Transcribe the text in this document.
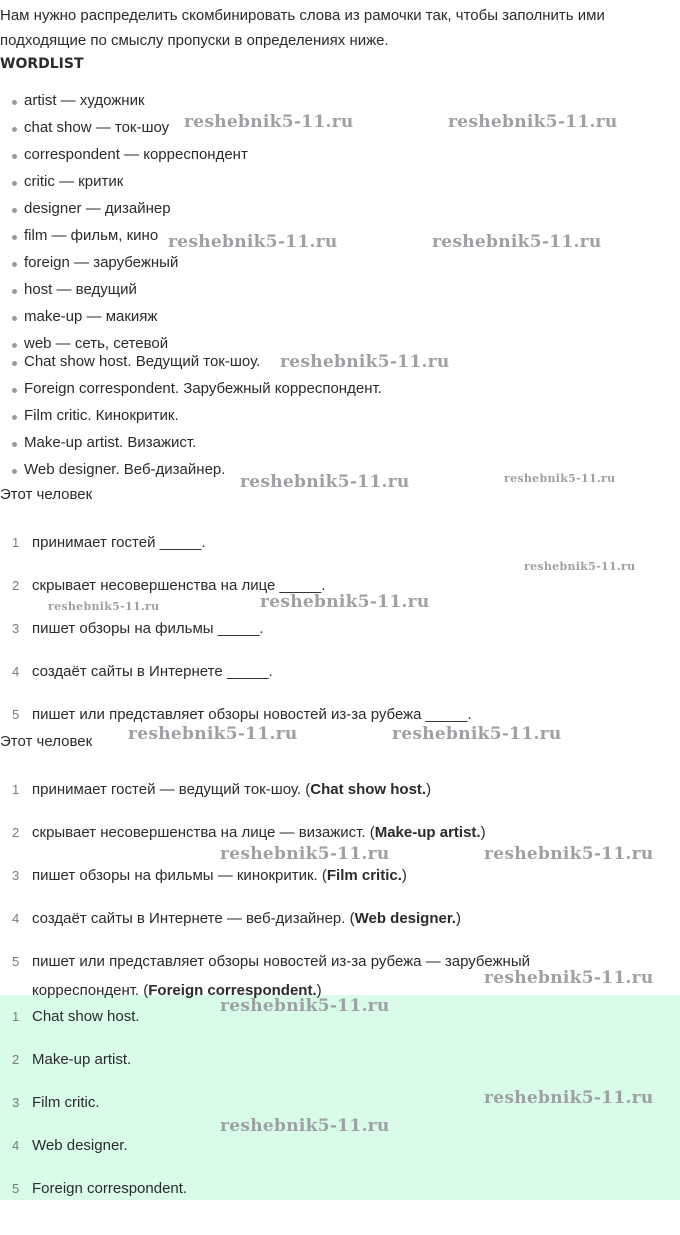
Нам нужно распределить скомбинировать слова из рамочки так, чтобы заполнить ими подходящие по смыслу пропуски в определениях ниже.
WORDLIST
artist — художник
chat show — ток-шоу
correspondent — корреспондент
critic — критик
designer — дизайнер
film — фильм, кино
foreign — зарубежный
host — ведущий
make-up — макияж
web — сеть, сетевой
Chat show host. Ведущий ток-шоу.
Foreign correspondent. Зарубежный корреспондент.
Film critic. Кинокритик.
Make-up artist. Визажист.
Web designer. Веб-дизайнер.
Этот человек
1 принимает гостей _____.
2 скрывает несовершенства на лице _____.
3 пишет обзоры на фильмы _____.
4 создаёт сайты в Интернете _____.
5 пишет или представляет обзоры новостей из-за рубежа _____.
Этот человек
1 принимает гостей — ведущий ток-шоу. (Chat show host.)
2 скрывает несовершенства на лице — визажист. (Make-up artist.)
3 пишет обзоры на фильмы — кинокритик. (Film critic.)
4 создаёт сайты в Интернете — веб-дизайнер. (Web designer.)
5 пишет или представляет обзоры новостей из-за рубежа — зарубежный корреспондент. (Foreign correspondent.)
1 Chat show host.
2 Make-up artist.
3 Film critic.
4 Web designer.
5 Foreign correspondent.
reshebnik5-11.ru	reshebnik5-11.ru
reshebnik5-11.ru	reshebnik5-11.ru
reshebnik5-11.ru
reshebnik5-11.ru	reshebnik5-11.ru
reshebnik5-11.ru
reshebnik5-11.ru	reshebnik5-11.ru
reshebnik5-11.ru	reshebnik5-11.ru
reshebnik5-11.ru	reshebnik5-11.ru
reshebnik5-11.ru
reshebnik5-11.ru
reshebnik5-11.ru
reshebnik5-11.ru
